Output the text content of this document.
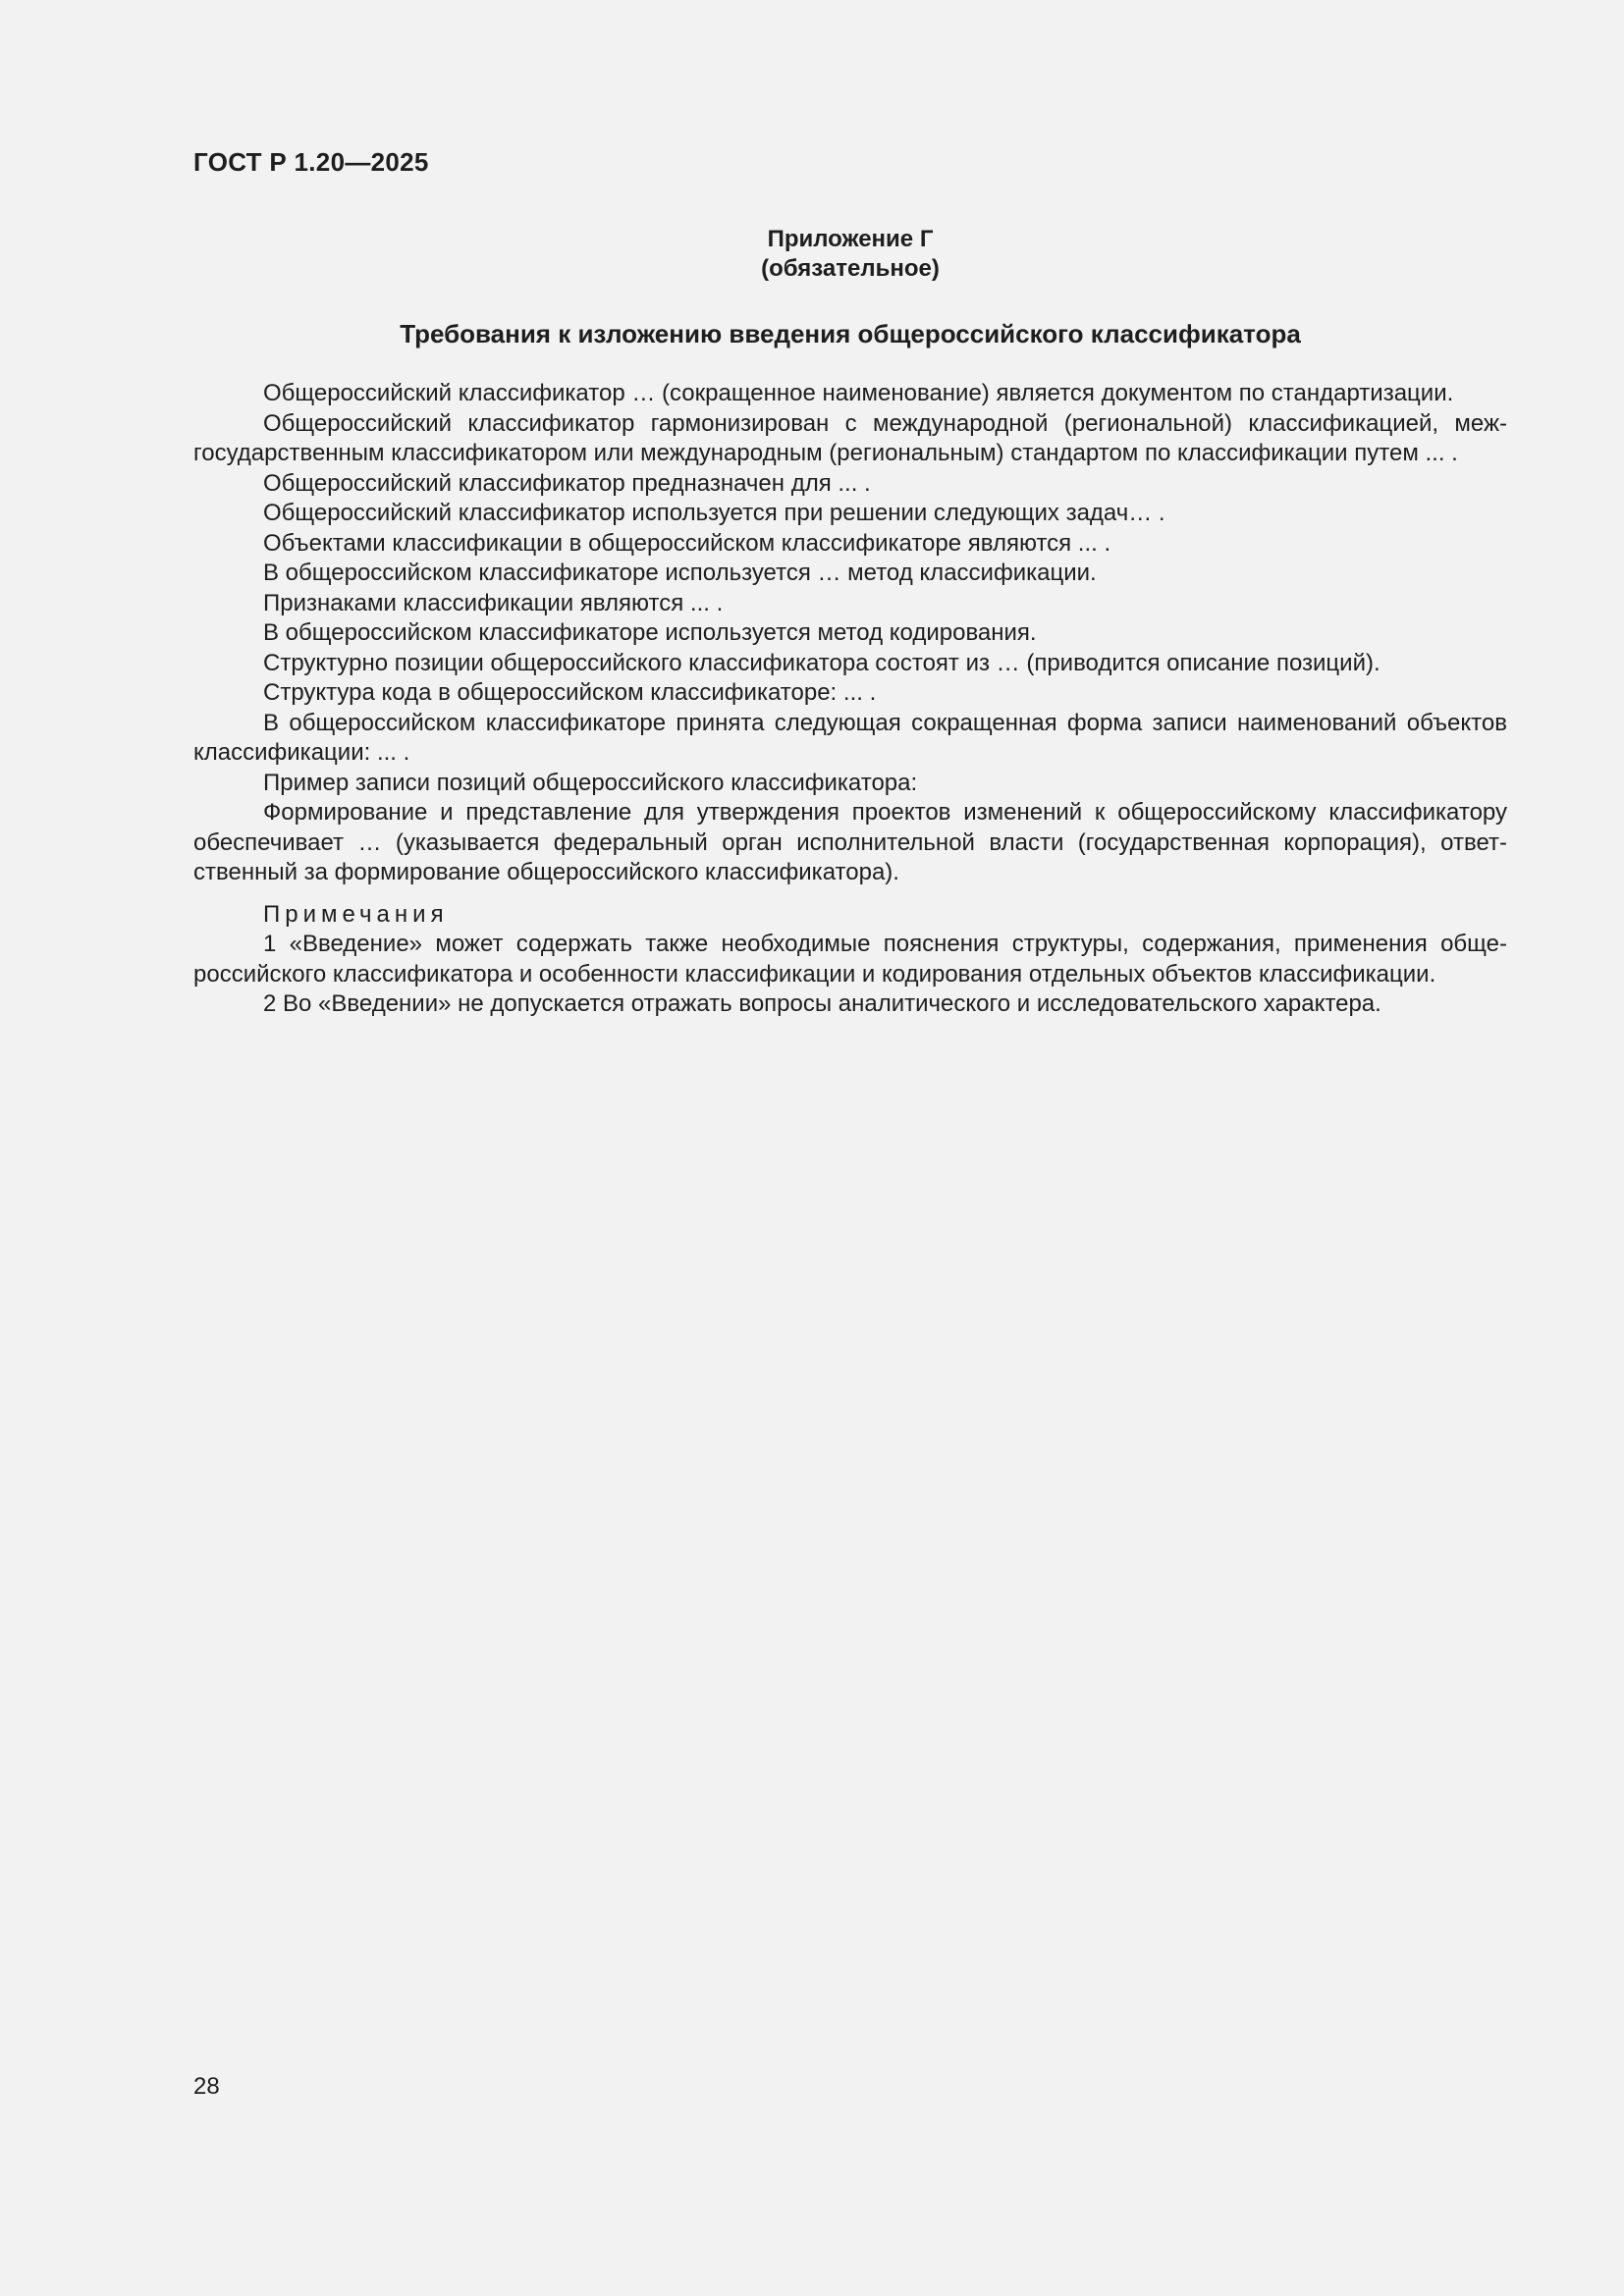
ГОСТ Р 1.20—2025
Приложение Г
(обязательное)
Требования к изложению введения общероссийского классификатора

Общероссийский классификатор … (сокращенное наименование) является документом по стандартизации.

Общероссийский классификатор гармонизирован с международной (региональной) классификацией, межгосударственным классификатором или международным (региональным) стандартом по классификации путем ... .

Общероссийский классификатор предназначен для ... .

Общероссийский классификатор используется при решении следующих задач… .

Объектами классификации в общероссийском классификаторе являются ... .

В общероссийском классификаторе используется … метод классификации.

Признаками классификации являются ... .

В общероссийском классификаторе используется метод кодирования.

Структурно позиции общероссийского классификатора состоят из … (приводится описание позиций).

Структура кода в общероссийском классификаторе: ... .

В общероссийском классификаторе принята следующая сокращенная форма записи наименований объектов классификации: ... .

Пример записи позиций общероссийского классификатора:

Формирование и представление для утверждения проектов изменений к общероссийскому классификатору обеспечивает … (указывается федеральный орган исполнительной власти (государственная корпорация), ответственный за формирование общероссийского классификатора).

Примечания

1 «Введение» может содержать также необходимые пояснения структуры, содержания, применения общероссийского классификатора и особенности классификации и кодирования отдельных объектов классификации.

2 Во «Введении» не допускается отражать вопросы аналитического и исследовательского характера.

28
